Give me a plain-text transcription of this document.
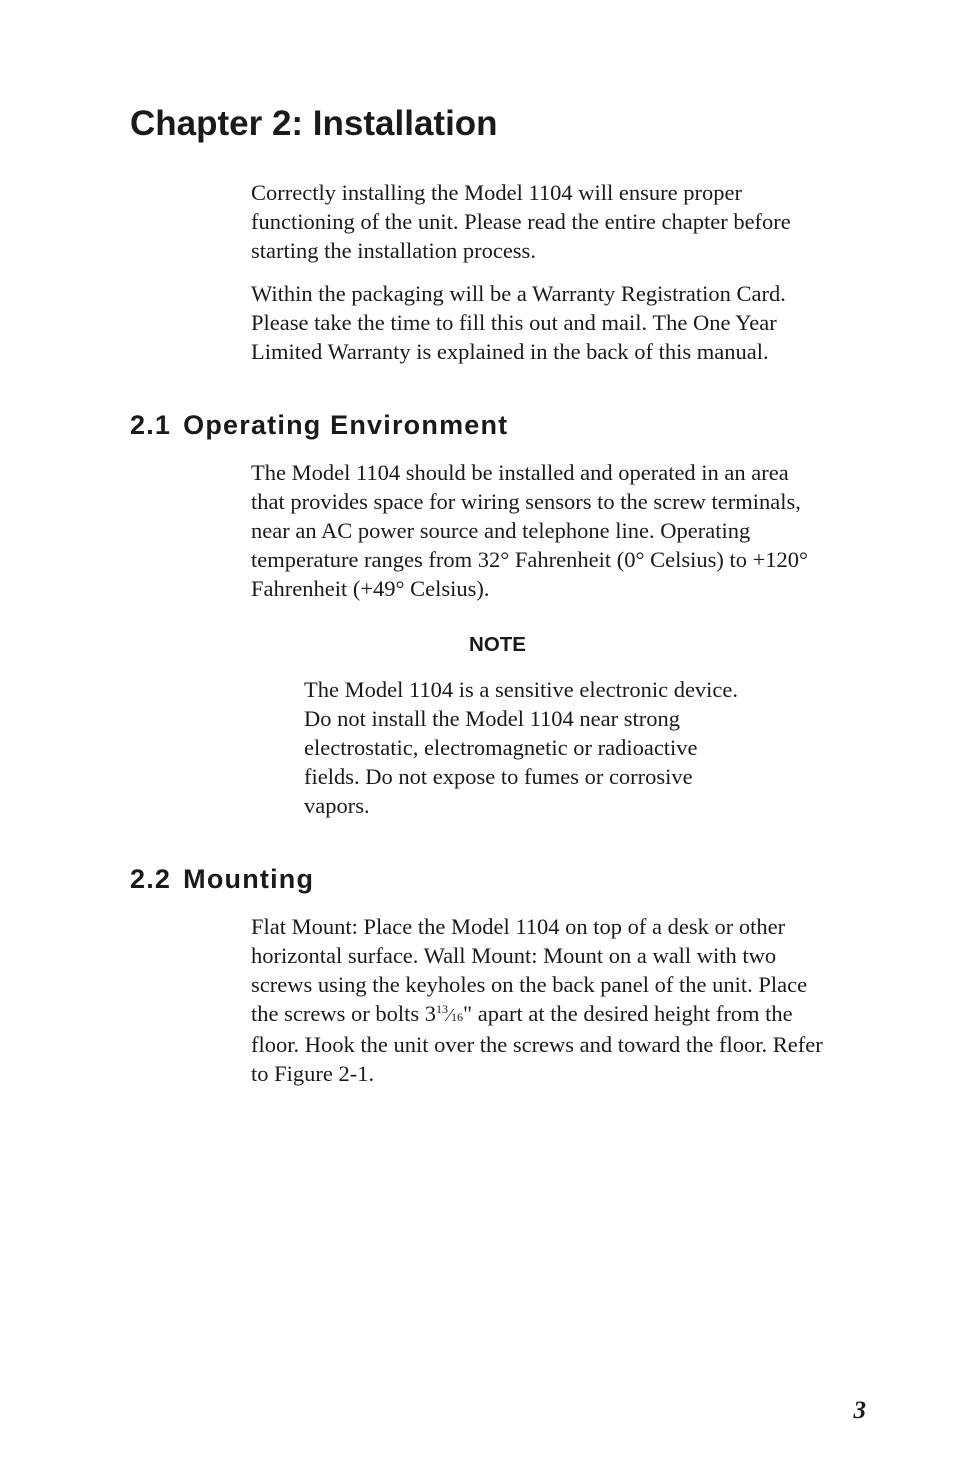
Chapter 2: Installation
Correctly installing the Model 1104 will ensure proper
functioning of the unit. Please read the entire chapter before
starting the installation process.
Within the packaging will be a Warranty Registration Card.
Please take the time to fill this out and mail. The One Year
Limited Warranty is explained in the back of this manual.
2.1 Operating Environment
The Model 1104 should be installed and operated in an area
that provides space for wiring sensors to the screw terminals,
near an AC power source and telephone line. Operating
temperature ranges from 32° Fahrenheit (0° Celsius) to +120°
Fahrenheit (+49° Celsius).
NOTE
The Model 1104 is a sensitive electronic device.
Do not install the Model 1104 near strong
electrostatic, electromagnetic or radioactive
fields. Do not expose to fumes or corrosive
vapors.
2.2 Mounting
Flat Mount: Place the Model 1104 on top of a desk or other
horizontal surface. Wall Mount: Mount on a wall with two
screws using the keyholes on the back panel of the unit. Place
the screws or bolts $3^{13}⁄16$" apart at the desired height from the
floor. Hook the unit over the screws and toward the floor. Refer
to Figure 2-1.
3
